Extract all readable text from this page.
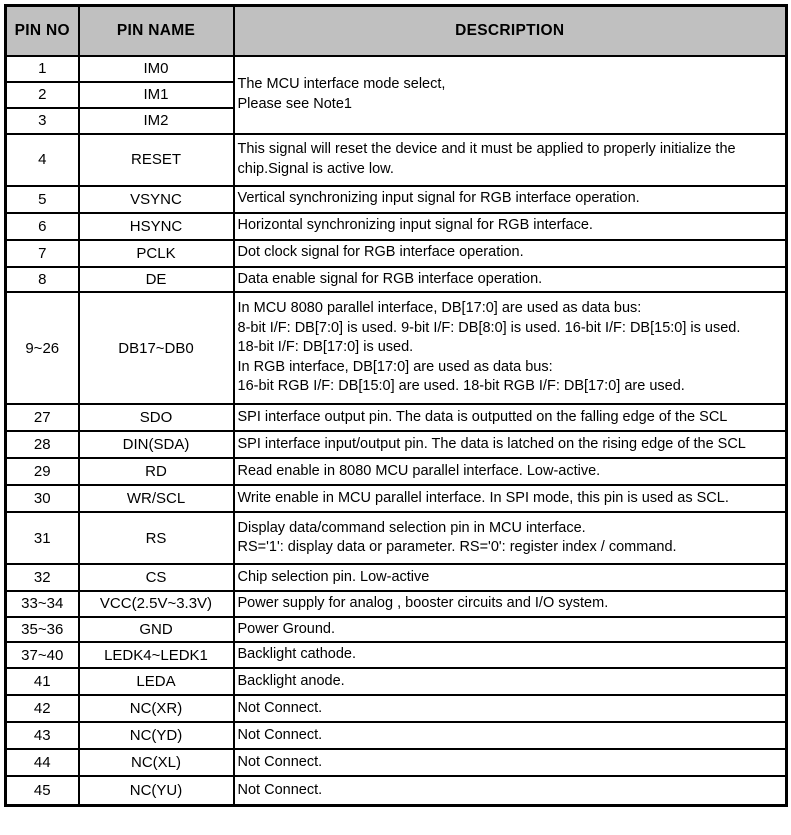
PIN NO	PIN NAME	DESCRIPTION
1	IM0	The MCU interface mode select,
Please see Note1

2	IM1	
3	IM2	
4	RESET	This signal will reset the device and it must be applied to properly initialize the
chip.Signal is active low.

5	VSYNC	Vertical synchronizing input signal for RGB interface operation.

6	HSYNC	Horizontal synchronizing input signal for RGB interface.

7	PCLK	Dot clock signal for RGB interface operation.

8	DE	Data enable signal for RGB interface operation.

9~26	DB17~DB0	In MCU 8080 parallel interface, DB[17:0] are used as data bus:
8-bit I/F: DB[7:0] is used. 9-bit I/F: DB[8:0] is used. 16-bit I/F: DB[15:0] is used.
18-bit I/F: DB[17:0] is used.
In RGB interface, DB[17:0] are used as data bus:
16-bit RGB I/F: DB[15:0] are used. 18-bit RGB I/F: DB[17:0] are used.

27	SDO	SPI interface output pin. The data is outputted on the falling edge of the SCL

28	DIN(SDA)	SPI interface input/output pin. The data is latched on the rising edge of the SCL

29	RD	Read enable in 8080 MCU parallel interface. Low-active.

30	WR/SCL	Write enable in MCU parallel interface. In SPI mode, this pin is used as SCL.

31	RS	Display data/command selection pin in MCU interface.
RS='1': display data or parameter. RS='0': register index / command.

32	CS	Chip selection pin. Low-active

33~34	VCC(2.5V~3.3V)	Power supply for analog , booster circuits and I/O system.

35~36	GND	Power Ground.

37~40	LEDK4~LEDK1	Backlight cathode.

41	LEDA	Backlight anode.

42	NC(XR)	Not Connect.

43	NC(YD)	Not Connect.

44	NC(XL)	Not Connect.

45	NC(YU)	Not Connect.
